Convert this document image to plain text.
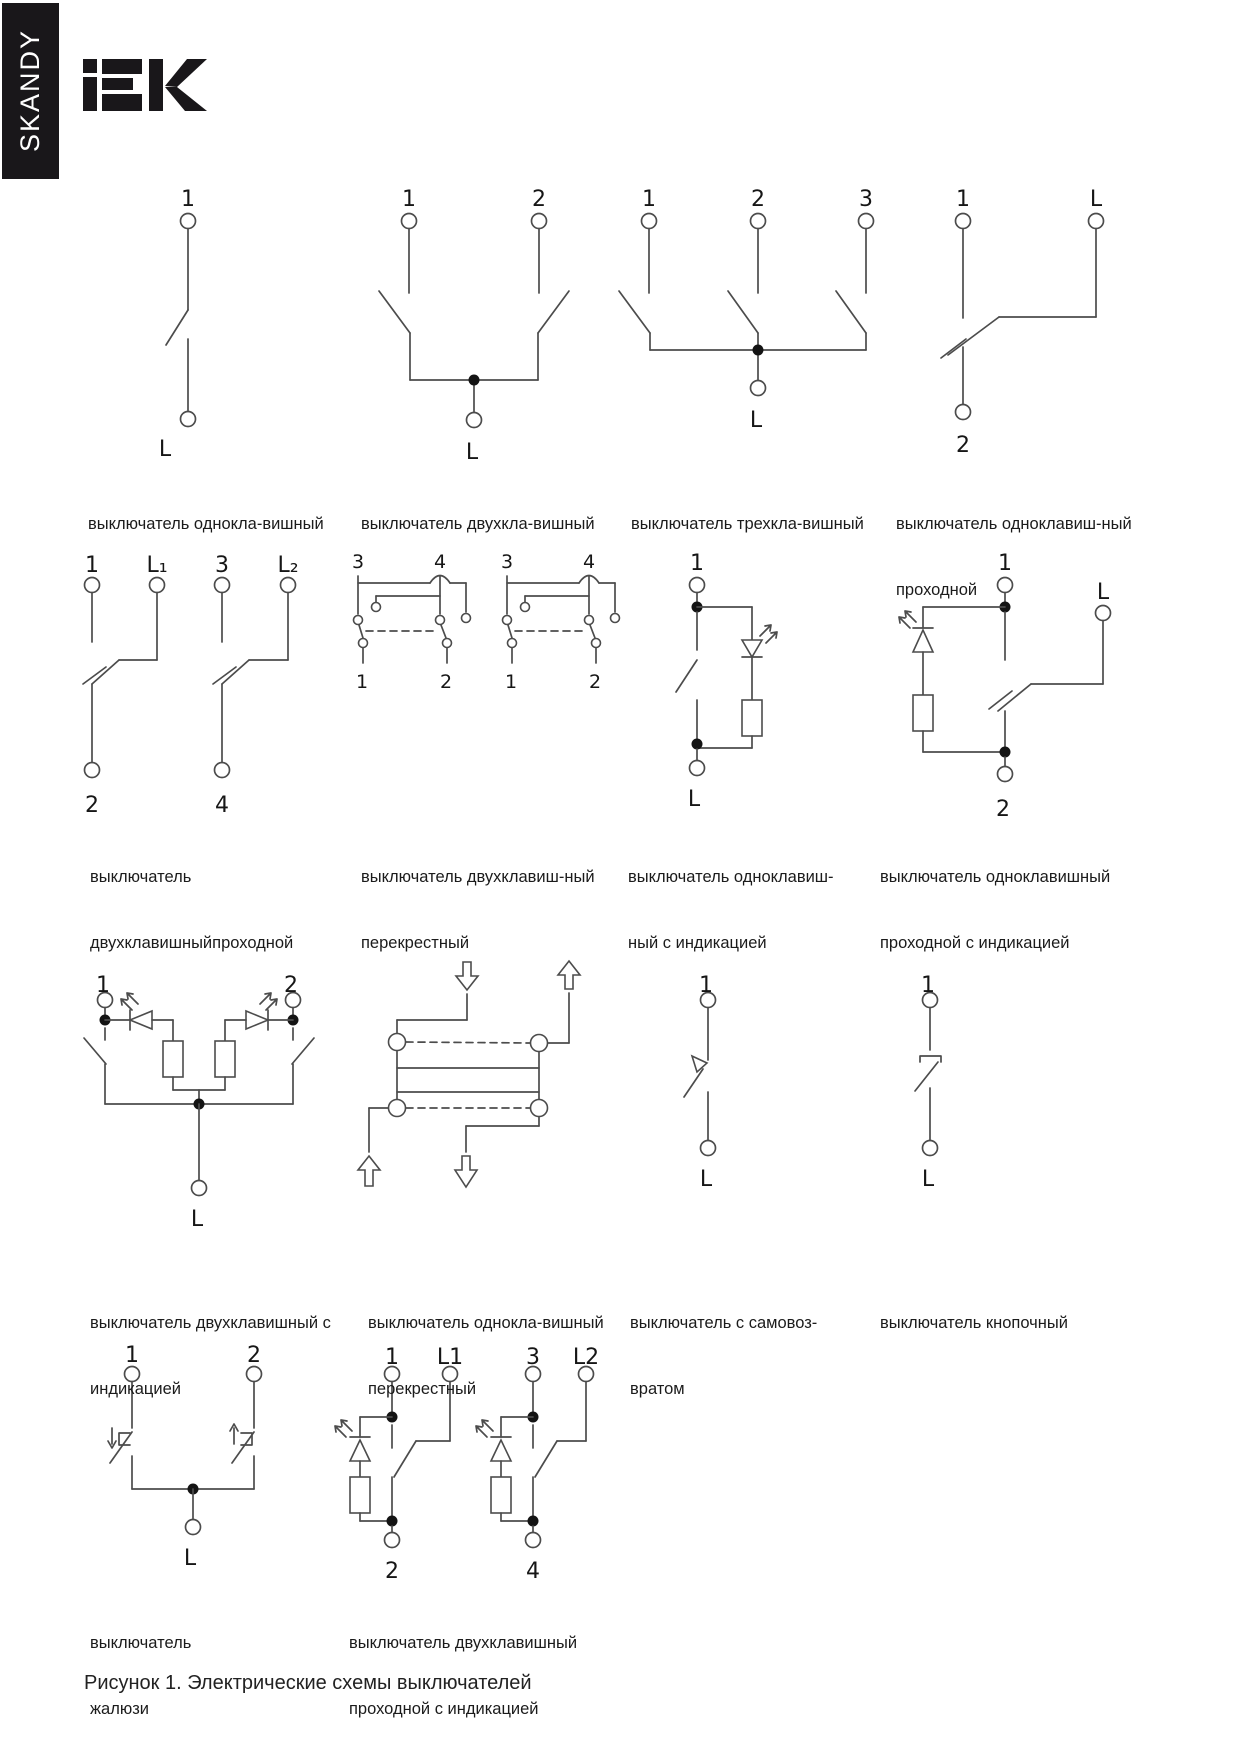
SKANDY
1
L
1	2
L
1	2	3
L
1	L
2
1 L₁ 3 L₂
2	4
3	4
1	2
3	4
1	2
1
L
1
L
2
1	2
L
1
L
1
L
1	2
L
1 L1
2
3 L2
4

выключатель однокла-вишный

выключатель двухкла-вишный

выключатель трехкла-вишный

выключатель одноклавиш-ный

проходной

выключатель

двухклавишныйпроходной

выключатель двухклавиш-ный

перекрестный

выключатель одноклавиш-

ный с индикацией

выключатель одноклавишный

проходной с индикацией

выключатель двухклавишный с

индикацией

выключатель однокла-вишный

перекрестный

выключатель с самовоз-

вратом

выключатель кнопочный

выключатель

жалюзи

выключатель двухклавишный

проходной с индикацией

Рисунок 1. Электрические схемы выключателей
